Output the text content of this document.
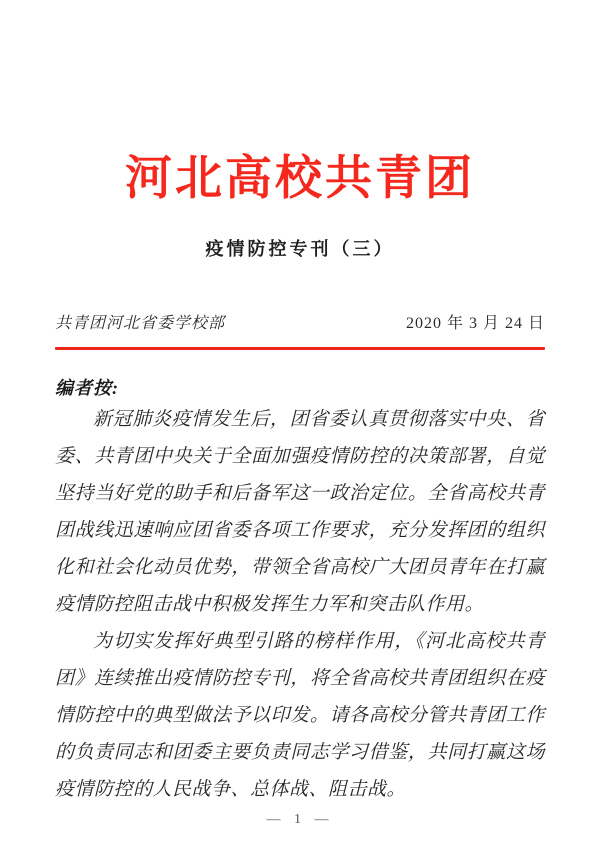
河北高校共青团
疫情防控专刊（三）
共青团河北省委学校部	2020 年 3 月 24 日
编者按:

新冠肺炎疫情发生后，团省委认真贯彻落实中央、省委、共青团中央关于全面加强疫情防控的决策部署，自觉坚持当好党的助手和后备军这一政治定位。全省高校共青团战线迅速响应团省委各项工作要求，充分发挥团的组织化和社会化动员优势，带领全省高校广大团员青年在打赢疫情防控阻击战中积极发挥生力军和突击队作用。

为切实发挥好典型引路的榜样作用，《河北高校共青团》连续推出疫情防控专刊，将全省高校共青团组织在疫情防控中的典型做法予以印发。请各高校分管共青团工作的负责同志和团委主要负责同志学习借鉴，共同打赢这场疫情防控的人民战争、总体战、阻击战。

— 1 —
